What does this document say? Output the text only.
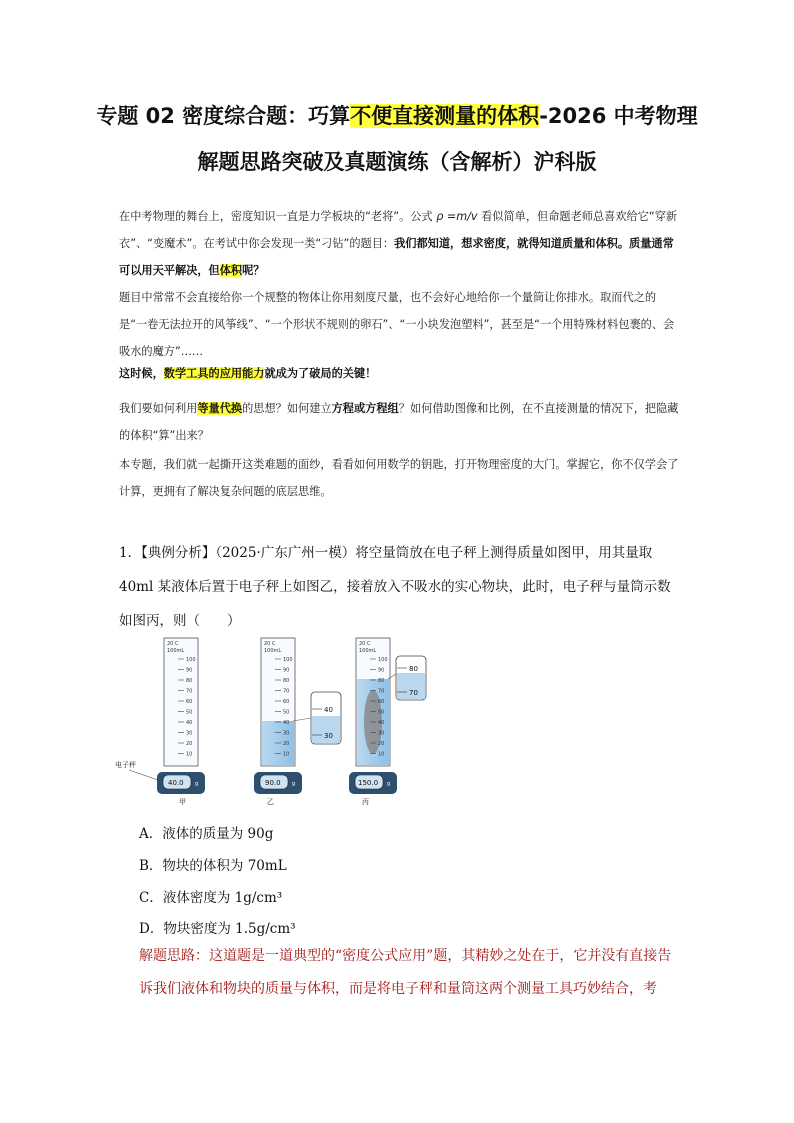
专题 02 密度综合题：巧算不便直接测量的体积-2026 中考物理
解题思路突破及真题演练（含解析）沪科版
在中考物理的舞台上，密度知识一直是力学板块的“老将”。公式 ρ =m/v 看似简单，但命题老师总喜欢给它“穿新衣”、“变魔术”。在考试中你会发现一类“刁钻”的题目：我们都知道，想求密度，就得知道质量和体积。质量通常可以用天平解决，但体积呢？
题目中常常不会直接给你一个规整的物体让你用刻度尺量，也不会好心地给你一个量筒让你排水。取而代之的是“一卷无法拉开的风筝线”、“一个形状不规则的卵石”、“一小块发泡塑料”，甚至是“一个用特殊材料包裹的、会吸水的魔方”……
这时候，数学工具的应用能力就成为了破局的关键！
我们要如何利用等量代换的思想？如何建立方程或方程组？如何借助图像和比例，在不直接测量的情况下，把隐藏的体积“算”出来？
本专题，我们就一起撕开这类难题的面纱，看看如何用数学的钥匙，打开物理密度的大门。掌握它，你不仅学会了计算，更拥有了解决复杂问题的底层思维。
1．【典例分析】（2025·广东广州一模）将空量筒放在电子秤上测得质量如图甲，用其量取 40ml 某液体后置于电子秤上如图乙，接着放入不吸水的实心物块，此时，电子秤与量筒示数如图丙，则（　　）
20 C
100mL
20 C
100mL
20 C
100mL
100
90
80
70
60
50
40
30
20
10
100
90
80
70
60
50
40
30
20
10
100
90
80
70
60
50
40
30
20
10
40
30
80
70
40.0 g
甲
90.0 g
乙
150.0 g
丙
电子秤
A．液体的质量为 90g
B．物块的体积为 70mL
C．液体密度为 1g/cm³
D．物块密度为 1.5g/cm³
解题思路：这道题是一道典型的“密度公式应用”题，其精妙之处在于，它并没有直接告诉我们液体和物块的质量与体积，而是将电子秤和量筒这两个测量工具巧妙结合，考
